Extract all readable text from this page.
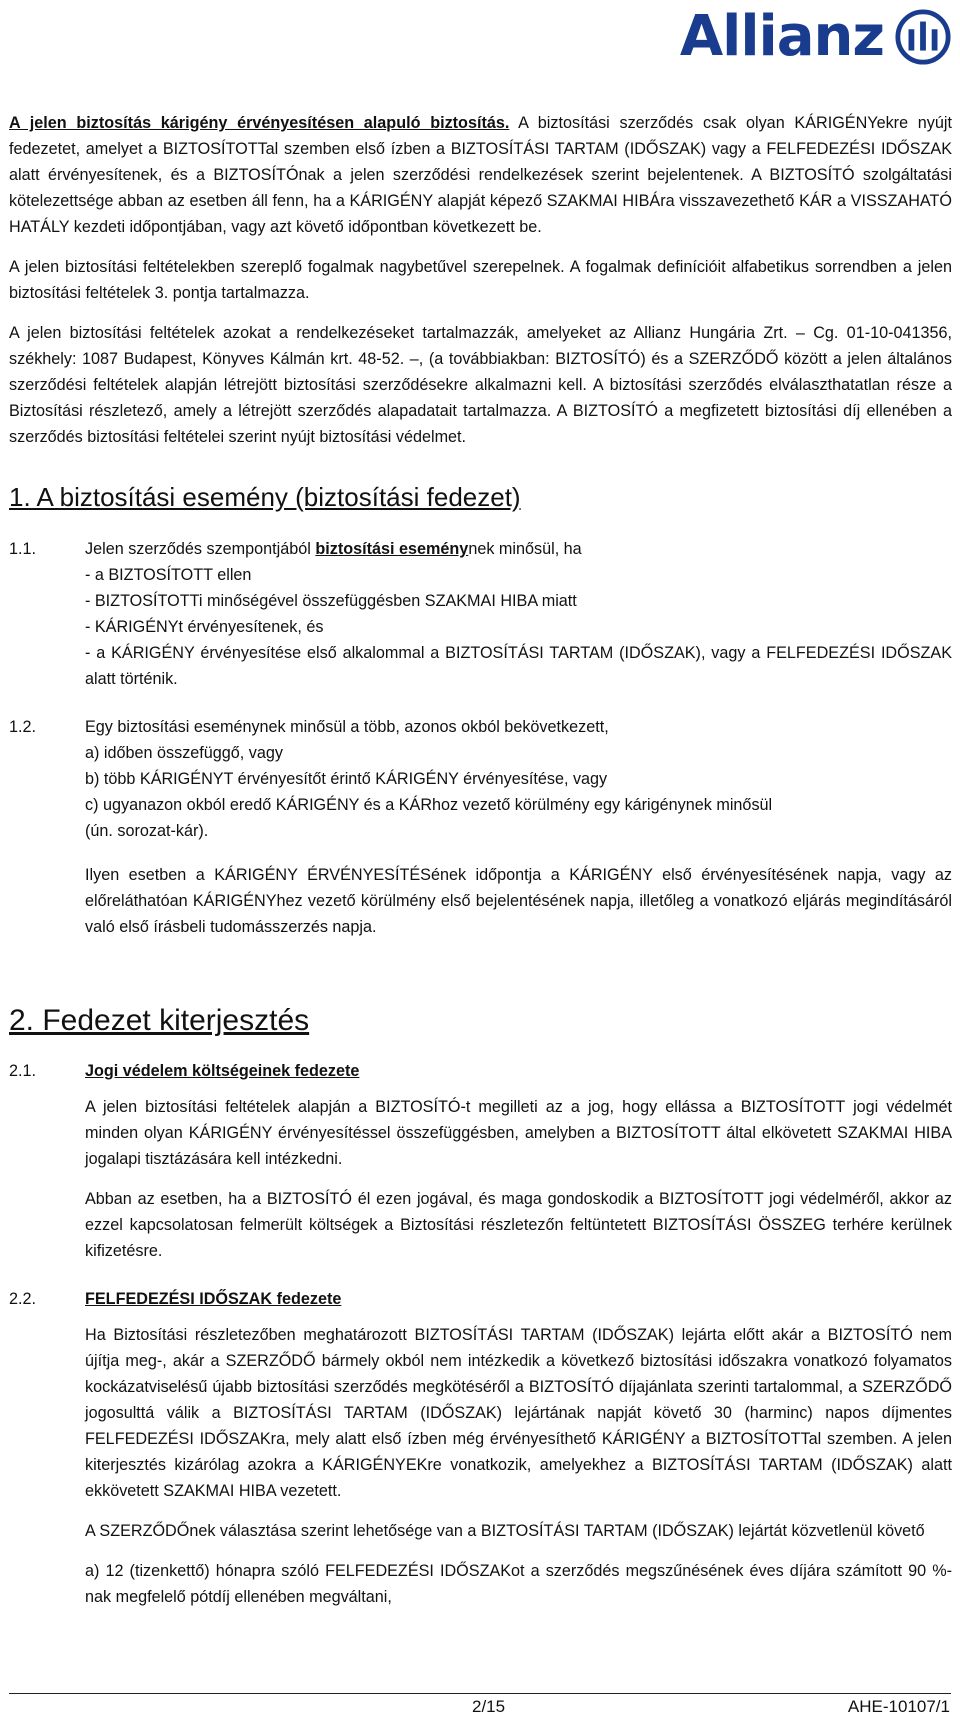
Allianz

A jelen biztosítás kárigény érvényesítésen alapuló biztosítás. A biztosítási szerződés csak olyan KÁRIGÉNYekre nyújt fedezetet, amelyet a BIZTOSÍTOTTal szemben első ízben a BIZTOSÍTÁSI TARTAM (IDŐSZAK) vagy a FELFEDEZÉSI IDŐSZAK alatt érvényesítenek, és a BIZTOSÍTÓnak a jelen szerződési rendelkezések szerint bejelentenek. A BIZTOSÍTÓ szolgáltatási kötelezettsége abban az esetben áll fenn, ha a KÁRIGÉNY alapját képező SZAKMAI HIBÁra visszavezethető KÁR a VISSZAHATÓ HATÁLY kezdeti időpontjában, vagy azt követő időpontban következett be.

A jelen biztosítási feltételekben szereplő fogalmak nagybetűvel szerepelnek. A fogalmak definícióit alfabetikus sorrendben a jelen biztosítási feltételek 3. pontja tartalmazza.

A jelen biztosítási feltételek azokat a rendelkezéseket tartalmazzák, amelyeket az Allianz Hungária Zrt. – Cg. 01-10-041356, székhely: 1087 Budapest, Könyves Kálmán krt. 48-52. –, (a továbbiakban: BIZTOSÍTÓ) és a SZERZŐDŐ között a jelen általános szerződési feltételek alapján létrejött biztosítási szerződésekre alkalmazni kell. A biztosítási szerződés elválaszthatatlan része a Biztosítási részletező, amely a létrejött szerződés alapadatait tartalmazza. A BIZTOSÍTÓ a megfizetett biztosítási díj ellenében a szerződés biztosítási feltételei szerint nyújt biztosítási védelmet.

1. A biztosítási esemény (biztosítási fedezet)
1.1.	Jelen szerződés szempontjából biztosítási eseménynek minősül, ha
- a BIZTOSÍTOTT ellen
- BIZTOSÍTOTTi minőségével összefüggésben SZAKMAI HIBA miatt
- KÁRIGÉNYt érvényesítenek, és
- a KÁRIGÉNY érvényesítése első alkalommal a BIZTOSÍTÁSI TARTAM (IDŐSZAK), vagy a FELFEDEZÉSI IDŐSZAK alatt történik.
1.2.	Egy biztosítási eseménynek minősül a több, azonos okból bekövetkezett,
a) időben összefüggő, vagy
b) több KÁRIGÉNYT érvényesítőt érintő KÁRIGÉNY érvényesítése, vagy
c) ugyanazon okból eredő KÁRIGÉNY és a KÁRhoz vezető körülmény egy kárigénynek minősül
(ún. sorozat-kár).

Ilyen esetben a KÁRIGÉNY ÉRVÉNYESÍTÉSének időpontja a KÁRIGÉNY első érvényesítésének napja, vagy az előreláthatóan KÁRIGÉNYhez vezető körülmény első bejelentésének napja, illetőleg a vonatkozó eljárás megindításáról való első írásbeli tudomásszerzés napja.

2. Fedezet kiterjesztés
2.1.	Jogi védelem költségeinek fedezete

A jelen biztosítási feltételek alapján a BIZTOSÍTÓ-t megilleti az a jog, hogy ellássa a BIZTOSÍTOTT jogi védelmét minden olyan KÁRIGÉNY érvényesítéssel összefüggésben, amelyben a BIZTOSÍTOTT által elkövetett SZAKMAI HIBA jogalapi tisztázására kell intézkedni.

Abban az esetben, ha a BIZTOSÍTÓ él ezen jogával, és maga gondoskodik a BIZTOSÍTOTT jogi védelméről, akkor az ezzel kapcsolatosan felmerült költségek a Biztosítási részletezőn feltüntetett BIZTOSÍTÁSI ÖSSZEG terhére kerülnek kifizetésre.

2.2.	FELFEDEZÉSI IDŐSZAK fedezete

Ha Biztosítási részletezőben meghatározott BIZTOSÍTÁSI TARTAM (IDŐSZAK) lejárta előtt akár a BIZTOSÍTÓ nem újítja meg-, akár a SZERZŐDŐ bármely okból nem intézkedik a következő biztosítási időszakra vonatkozó folyamatos kockázatviselésű újabb biztosítási szerződés megkötéséről a BIZTOSÍTÓ díjajánlata szerinti tartalommal, a SZERZŐDŐ jogosulttá válik a BIZTOSÍTÁSI TARTAM (IDŐSZAK) lejártának napját követő 30 (harminc) napos díjmentes FELFEDEZÉSI IDŐSZAKra, mely alatt első ízben még érvényesíthető KÁRIGÉNY a BIZTOSÍTOTTal szemben. A jelen kiterjesztés kizárólag azokra a KÁRIGÉNYEKre vonatkozik, amelyekhez a BIZTOSÍTÁSI TARTAM (IDŐSZAK) alatt ekkövetett SZAKMAI HIBA vezetett.

A SZERZŐDŐnek választása szerint lehetősége van a BIZTOSÍTÁSI TARTAM (IDŐSZAK) lejártát közvetlenül követő

a) 12 (tizenkettő) hónapra szóló FELFEDEZÉSI IDŐSZAKot a szerződés megszűnésének éves díjára számított 90 %-nak megfelelő pótdíj ellenében megváltani,

2/15	AHE-10107/1
